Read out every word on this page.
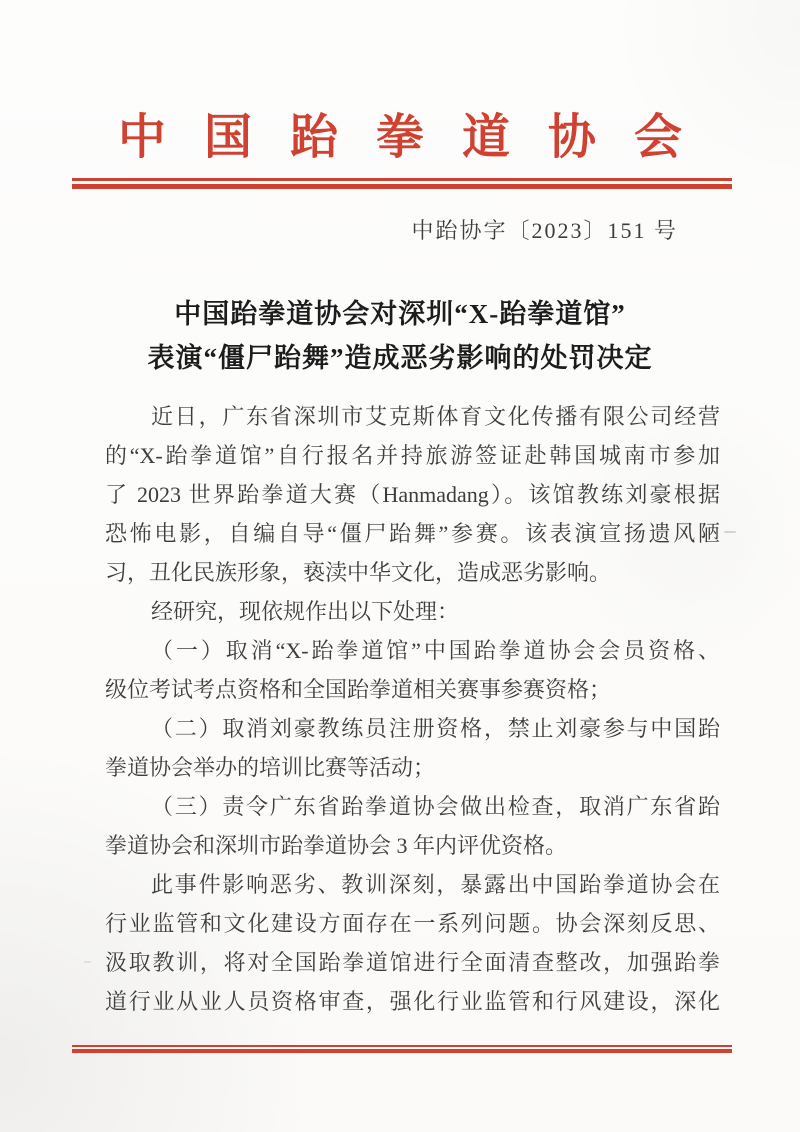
中国跆拳道协会
中跆协字〔2023〕151 号
中国跆拳道协会对深圳“X-跆拳道馆”
表演“僵尸跆舞”造成恶劣影响的处罚决定
近日，广东省深圳市艾克斯体育文化传播有限公司经营
的“X-跆拳道馆”自行报名并持旅游签证赴韩国城南市参加
了 2023 世界跆拳道大赛（Hanmadang）。该馆教练刘豪根据
恐怖电影，自编自导“僵尸跆舞”参赛。该表演宣扬遗风陋
习，丑化民族形象，亵渎中华文化，造成恶劣影响。
经研究，现依规作出以下处理：
（一）取消“X-跆拳道馆”中国跆拳道协会会员资格、
级位考试考点资格和全国跆拳道相关赛事参赛资格；
（二）取消刘豪教练员注册资格，禁止刘豪参与中国跆
拳道协会举办的培训比赛等活动；
（三）责令广东省跆拳道协会做出检查，取消广东省跆
拳道协会和深圳市跆拳道协会 3 年内评优资格。
此事件影响恶劣、教训深刻，暴露出中国跆拳道协会在
行业监管和文化建设方面存在一系列问题。协会深刻反思、
汲取教训，将对全国跆拳道馆进行全面清查整改，加强跆拳
道行业从业人员资格审查，强化行业监管和行风建设，深化
